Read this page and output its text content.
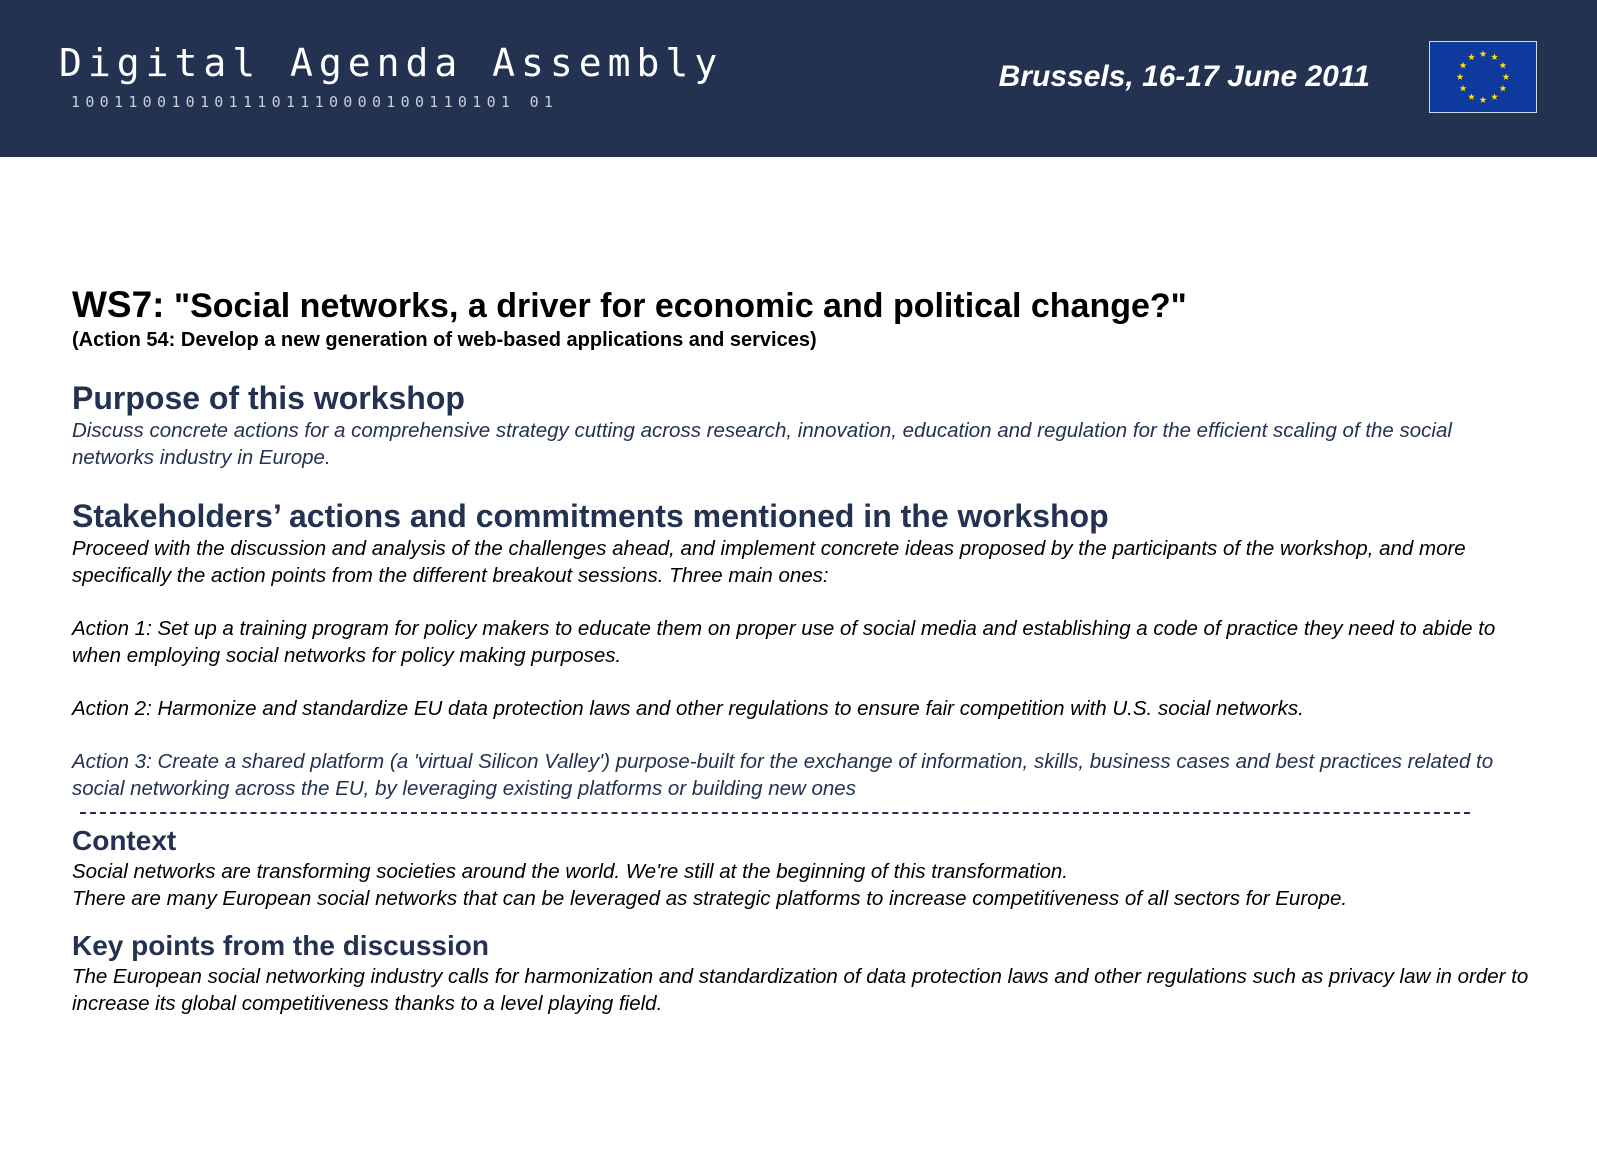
Digital Agenda Assembly
1001100101011101110000100110101 01
Brussels, 16-17 June 2011
WS7: "Social networks, a driver for economic and political change?"

(Action 54: Develop a new generation of web-based applications and services)

Purpose of this workshop

Discuss concrete actions for a comprehensive strategy cutting across research, innovation, education and regulation for the efficient scaling of the social networks industry in Europe.

Stakeholders’ actions and commitments mentioned in the workshop

Proceed with the discussion and analysis of the challenges ahead, and implement concrete ideas proposed by the participants of the workshop, and more specifically the action points from the different breakout sessions. Three main ones:

Action 1: Set up a training program for policy makers to educate them on proper use of social media and establishing a code of practice they need to abide to when employing social networks for policy making purposes.

Action 2: Harmonize and standardize EU data protection laws and other regulations to ensure fair competition with U.S. social networks.

Action 3: Create a shared platform (a 'virtual Silicon Valley') purpose-built for the exchange of information, skills, business cases and best practices related to social networking across the EU, by leveraging existing platforms or building new ones

Context

Social networks are transforming societies around the world. We're still at the beginning of this transformation.

There are many European social networks that can be leveraged as strategic platforms to increase competitiveness of all sectors for Europe.

Key points from the discussion

The European social networking industry calls for harmonization and standardization of data protection laws and other regulations such as privacy law in order to increase its global competitiveness thanks to a level playing field.
